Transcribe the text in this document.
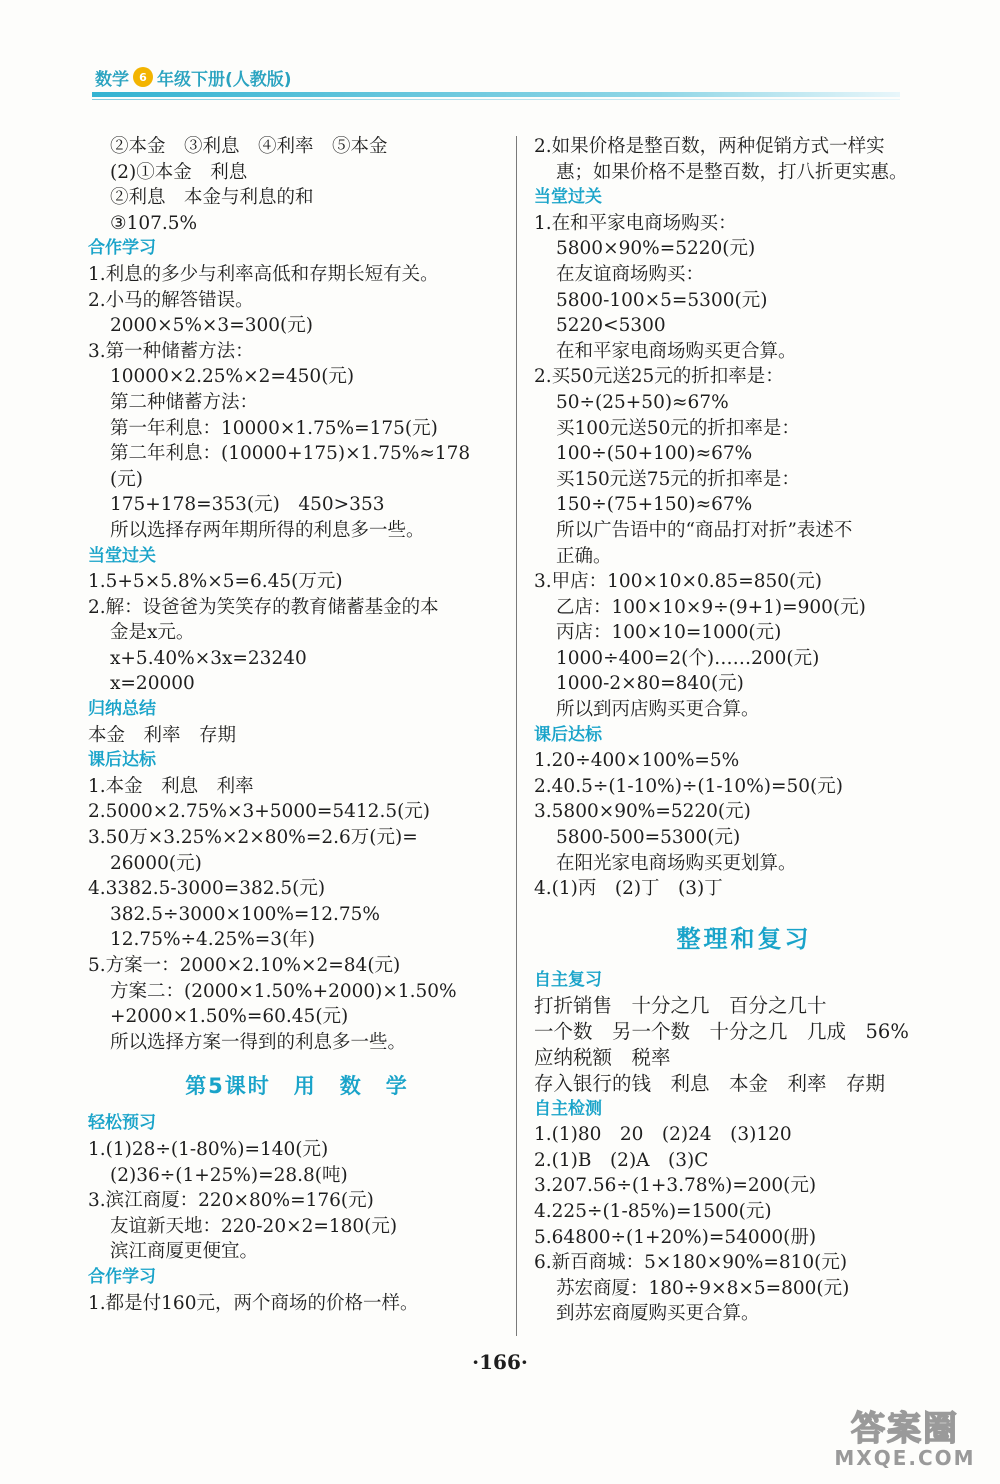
数学 6 年级下册(人教版)
②本金　③利息　④利率　⑤本金
(2)①本金　利息
②利息　本金与利息的和
③107.5%
合作学习
1.利息的多少与利率高低和存期长短有关。
2.小马的解答错误。
2000×5%×3=300(元)
3.第一种储蓄方法：
10000×2.25%×2=450(元)
第二种储蓄方法：
第一年利息：10000×1.75%=175(元)
第二年利息：(10000+175)×1.75%≈178
(元)
175+178=353(元)　450>353
所以选择存两年期所得的利息多一些。
当堂过关
1.5+5×5.8%×5=6.45(万元)
2.解：设爸爸为笑笑存的教育储蓄基金的本
金是x元。
x+5.40%×3x=23240
x=20000
归纳总结
本金　利率　存期
课后达标
1.本金　利息　利率
2.5000×2.75%×3+5000=5412.5(元)
3.50万×3.25%×2×80%=2.6万(元)=
26000(元)
4.3382.5-3000=382.5(元)
382.5÷3000×100%=12.75%
12.75%÷4.25%=3(年)
5.方案一：2000×2.10%×2=84(元)
方案二：(2000×1.50%+2000)×1.50%
+2000×1.50%=60.45(元)
所以选择方案一得到的利息多一些。
第5课时　用　数　学
轻松预习
1.(1)28÷(1-80%)=140(元)
(2)36÷(1+25%)=28.8(吨)
3.滨江商厦：220×80%=176(元)
友谊新天地：220-20×2=180(元)
滨江商厦更便宜。
合作学习
1.都是付160元，两个商场的价格一样。
2.如果价格是整百数，两种促销方式一样实
惠；如果价格不是整百数，打八折更实惠。
当堂过关
1.在和平家电商场购买：
5800×90%=5220(元)
在友谊商场购买：
5800-100×5=5300(元)
5220<5300
在和平家电商场购买更合算。
2.买50元送25元的折扣率是：
50÷(25+50)≈67%
买100元送50元的折扣率是：
100÷(50+100)≈67%
买150元送75元的折扣率是：
150÷(75+150)≈67%
所以广告语中的“商品打对折”表述不
正确。
3.甲店：100×10×0.85=850(元)
乙店：100×10×9÷(9+1)=900(元)
丙店：100×10=1000(元)
1000÷400=2(个)……200(元)
1000-2×80=840(元)
所以到丙店购买更合算。
课后达标
1.20÷400×100%=5%
2.40.5÷(1-10%)÷(1-10%)=50(元)
3.5800×90%=5220(元)
5800-500=5300(元)
在阳光家电商场购买更划算。
4.(1)丙　(2)丁　(3)丁
整理和复习
自主复习
打折销售　十分之几　百分之几十
一个数　另一个数　十分之几　几成　56%
应纳税额　税率
存入银行的钱　利息　本金　利率　存期
自主检测
1.(1)80　20　(2)24　(3)120
2.(1)B　(2)A　(3)C
3.207.56÷(1+3.78%)=200(元)
4.225÷(1-85%)=1500(元)
5.64800÷(1+20%)=54000(册)
6.新百商城：5×180×90%=810(元)
苏宏商厦：180÷9×8×5=800(元)
到苏宏商厦购买更合算。
·166·
答案圈
MXQE.COM
